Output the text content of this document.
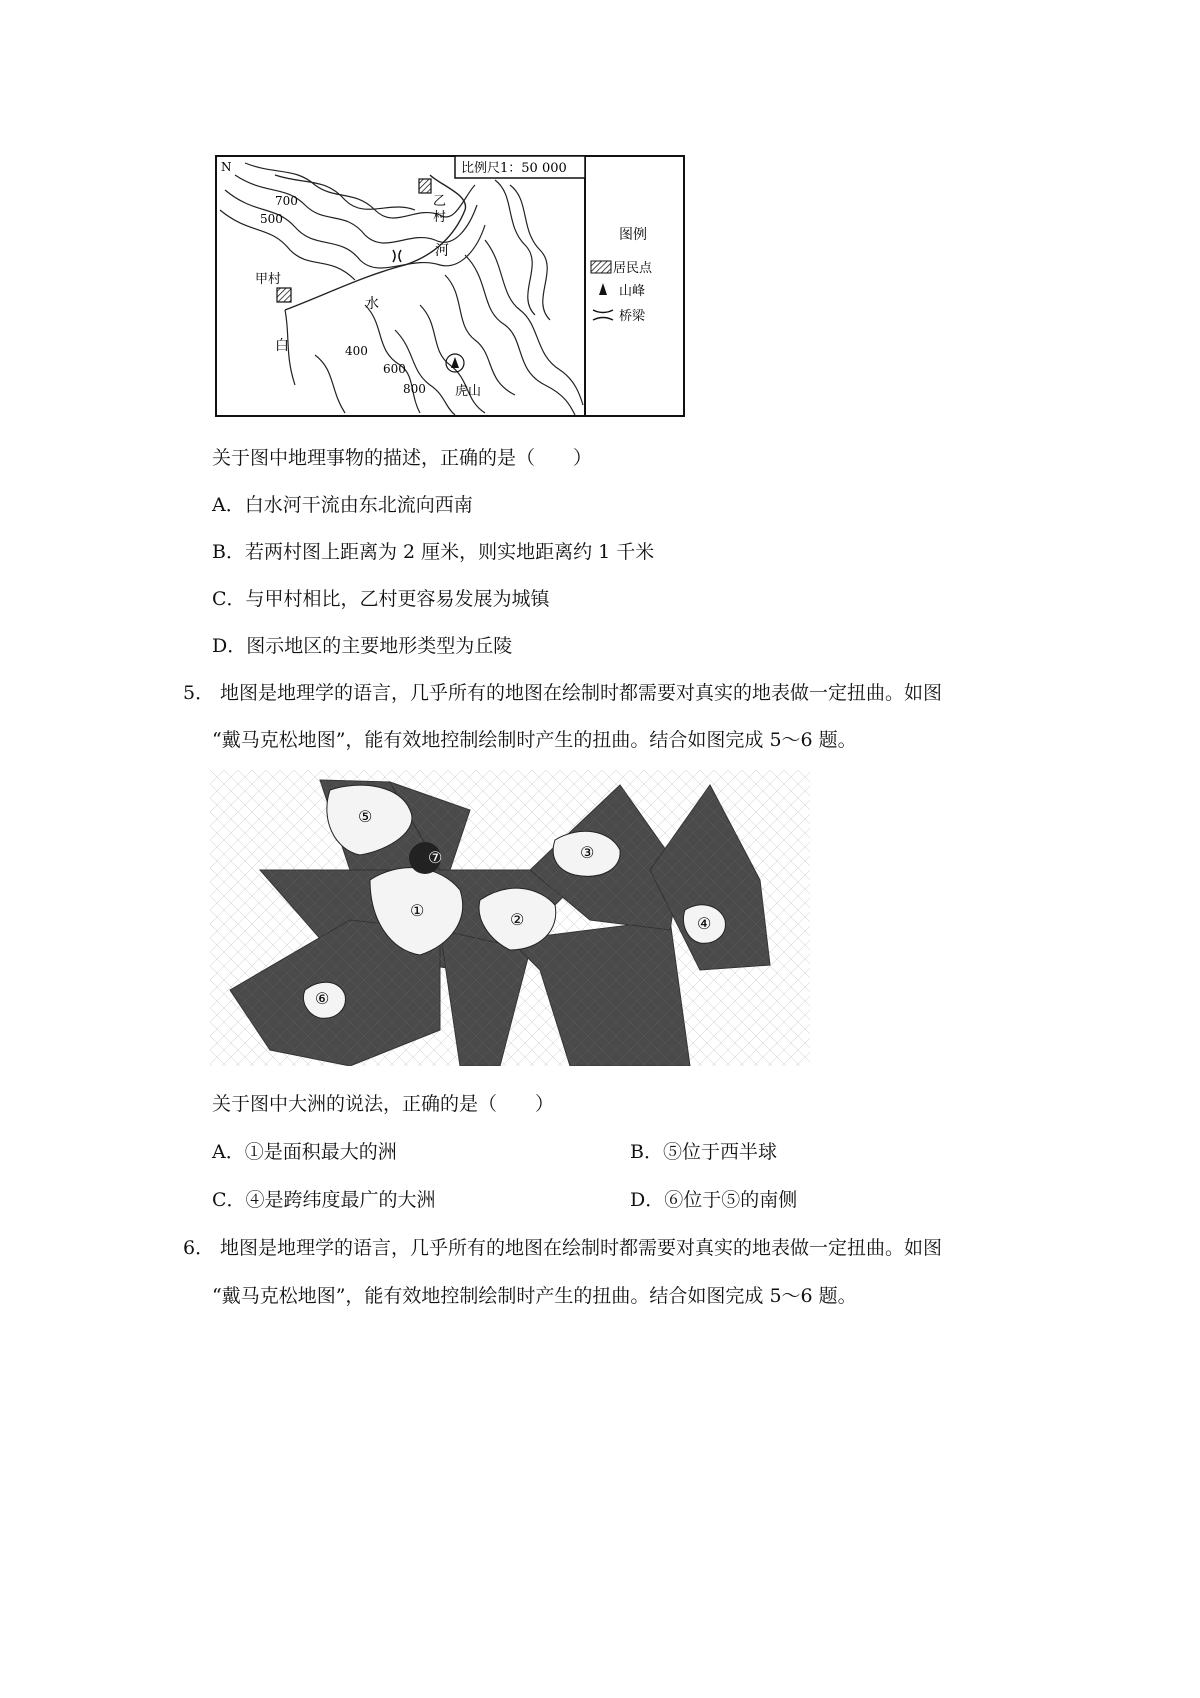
比例尺1：50 000
N
700
500
400
600
800
甲村
乙
村
白
水
河
虎山
图例
居民点
山峰
桥梁
关于图中地理事物的描述，正确的是（　　）
A．白水河干流由东北流向西南
B．若两村图上距离为 2 厘米，则实地距离约 1 千米
C．与甲村相比，乙村更容易发展为城镇
D．图示地区的主要地形类型为丘陵
5． 地图是地理学的语言，几乎所有的地图在绘制时都需要对真实的地表做一定扭曲。如图
“戴马克松地图”，能有效地控制绘制时产生的扭曲。结合如图完成 5～6 题。
①	②
③
④
⑤
⑥
⑦
关于图中大洲的说法，正确的是（　　）
A．①是面积最大的洲	B．⑤位于西半球
C．④是跨纬度最广的大洲	D．⑥位于⑤的南侧
6． 地图是地理学的语言，几乎所有的地图在绘制时都需要对真实的地表做一定扭曲。如图
“戴马克松地图”，能有效地控制绘制时产生的扭曲。结合如图完成 5～6 题。
